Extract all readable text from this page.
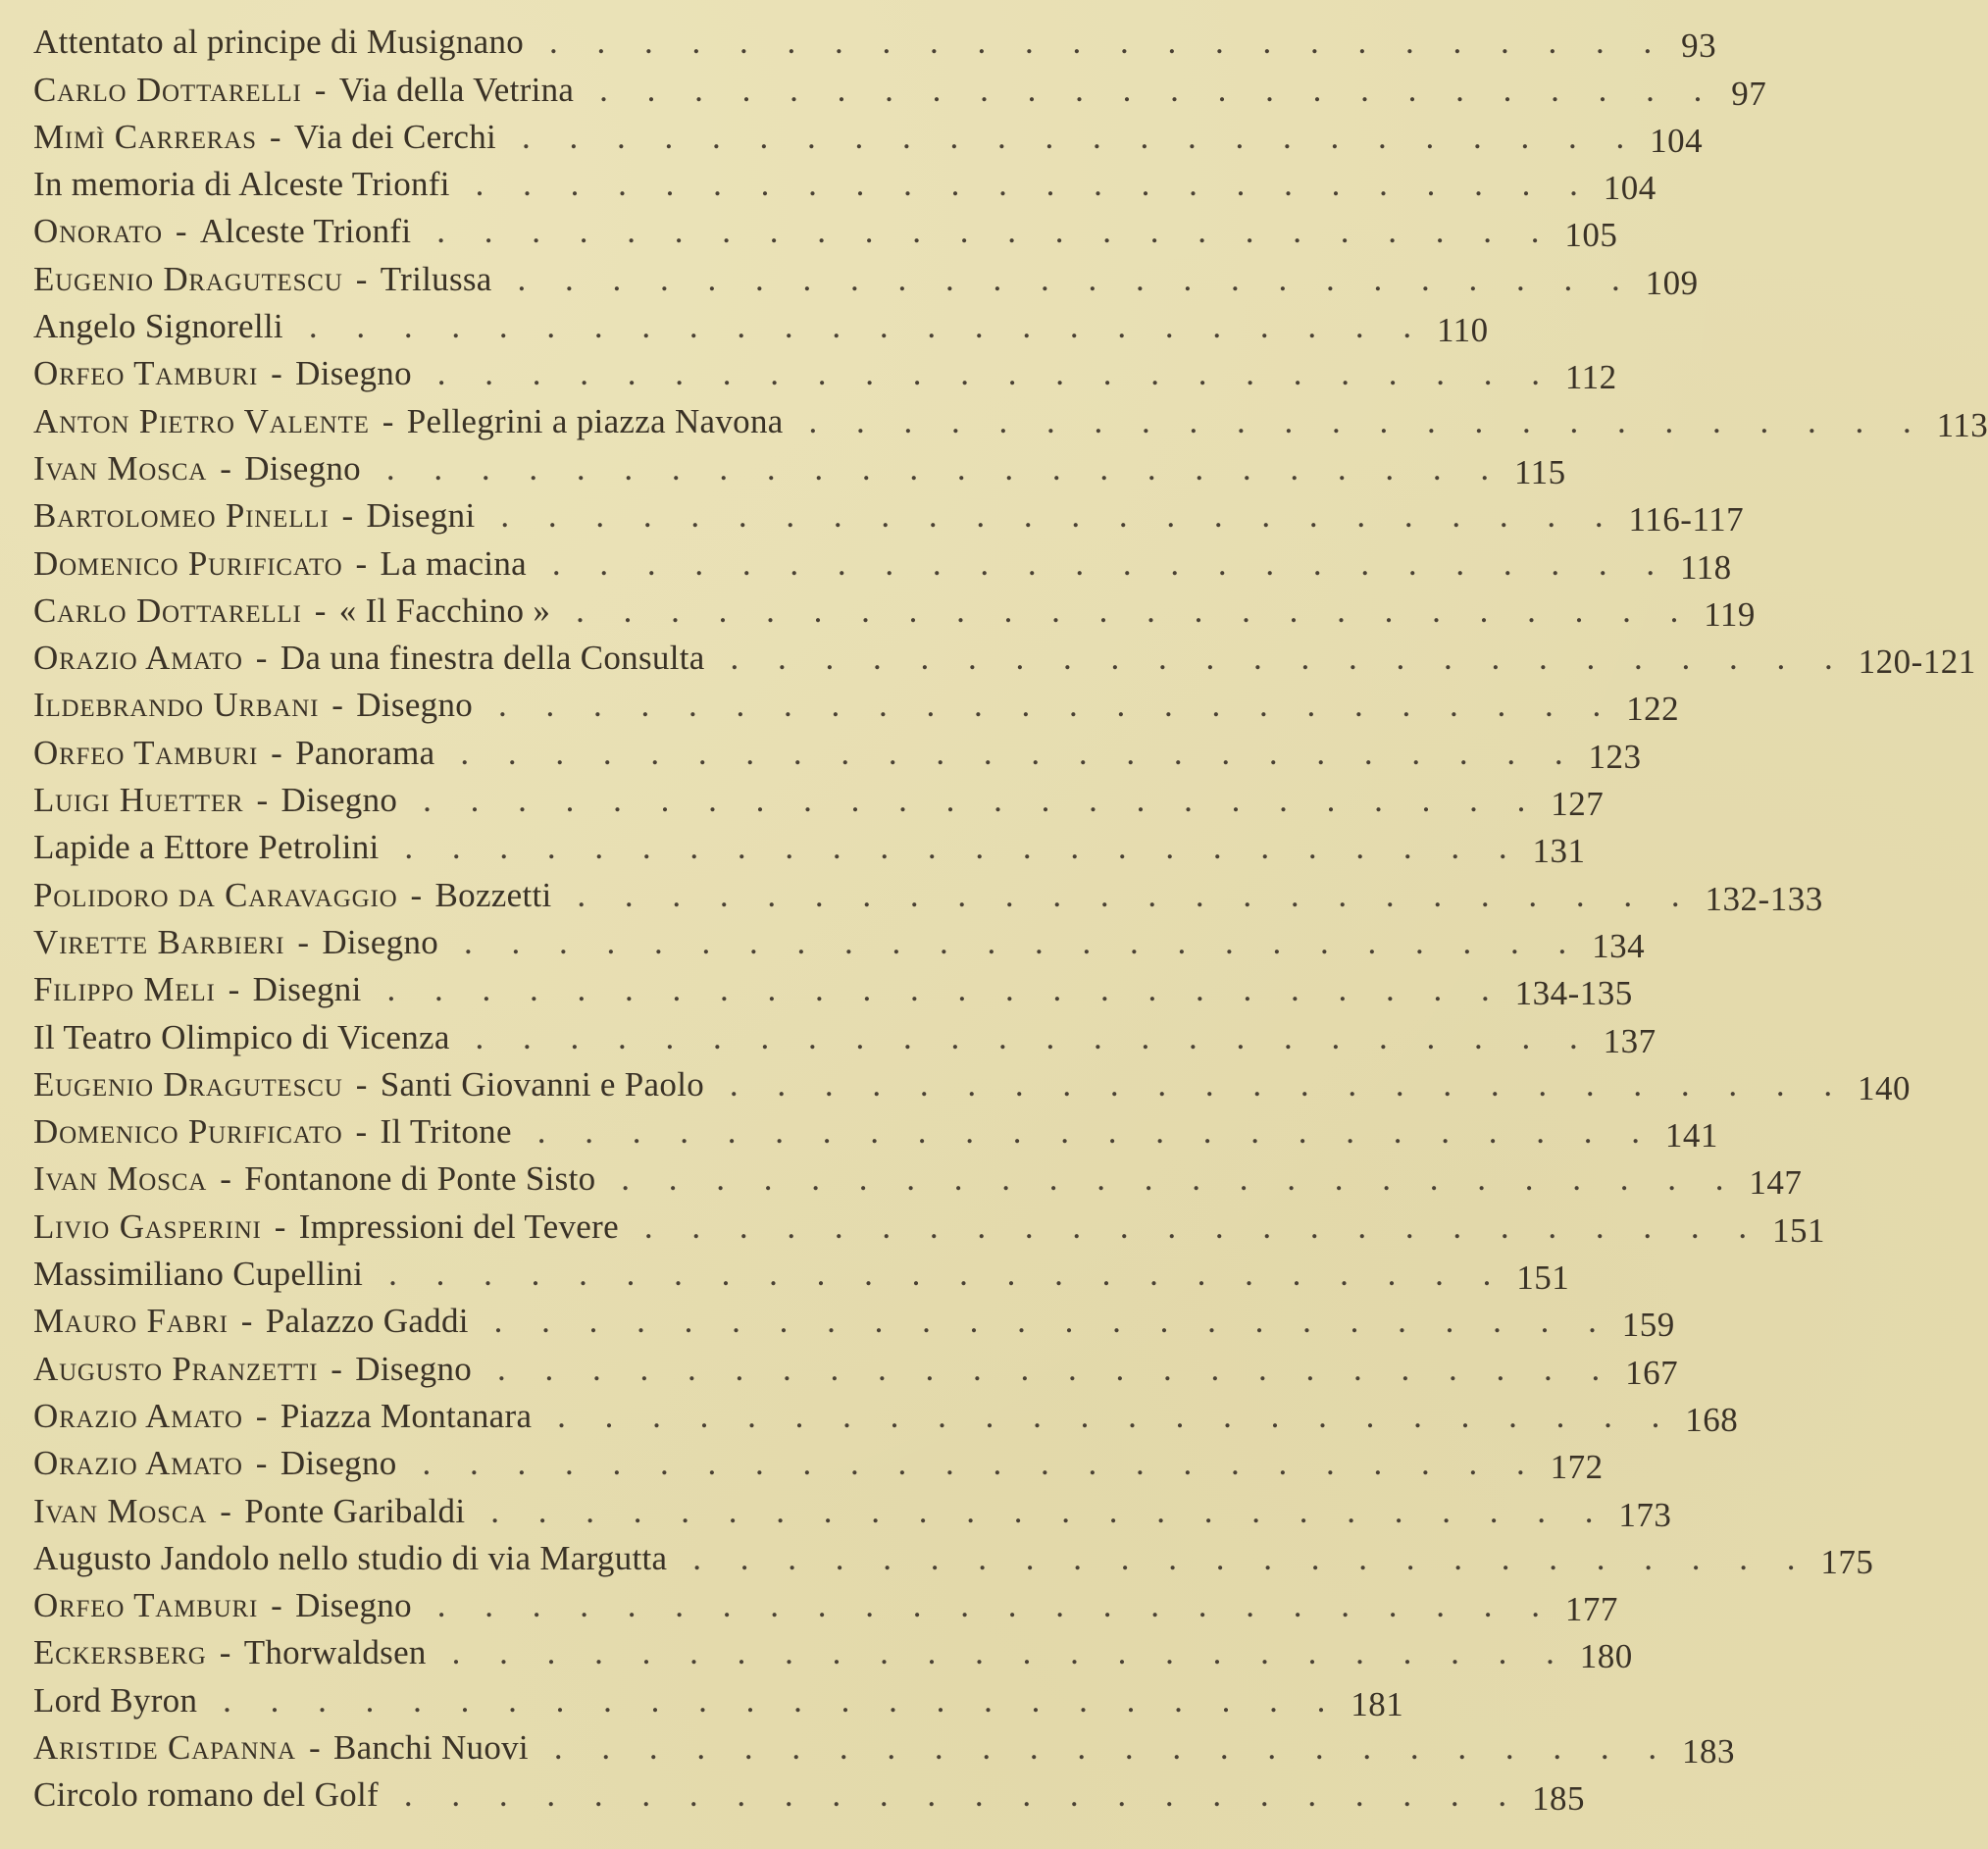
Attentato al principe di Musignano	........................	93
Carlo Dottarelli - Via della Vetrina	........................	97
Mimì Carreras - Via dei Cerchi	........................	104
In memoria di Alceste Trionfi	........................	104
Onorato - Alceste Trionfi	........................	105
Eugenio Dragutescu - Trilussa	........................	109
Angelo Signorelli	........................	110
Orfeo Tamburi - Disegno	........................	112
Anton Pietro Valente - Pellegrini a piazza Navona	........................	113
Ivan Mosca - Disegno	........................	115
Bartolomeo Pinelli - Disegni	........................	116-117
Domenico Purificato - La macina	........................	118
Carlo Dottarelli - « Il Facchino »	........................	119
Orazio Amato - Da una finestra della Consulta	........................	120-121
Ildebrando Urbani - Disegno	........................	122
Orfeo Tamburi - Panorama	........................	123
Luigi Huetter - Disegno	........................	127
Lapide a Ettore Petrolini	........................	131
Polidoro da Caravaggio - Bozzetti	........................	132-133
Virette Barbieri - Disegno	........................	134
Filippo Meli - Disegni	........................	134-135
Il Teatro Olimpico di Vicenza	........................	137
Eugenio Dragutescu - Santi Giovanni e Paolo	........................	140
Domenico Purificato - Il Tritone	........................	141
Ivan Mosca - Fontanone di Ponte Sisto	........................	147
Livio Gasperini - Impressioni del Tevere	........................	151
Massimiliano Cupellini	........................	151
Mauro Fabri - Palazzo Gaddi	........................	159
Augusto Pranzetti - Disegno	........................	167
Orazio Amato - Piazza Montanara	........................	168
Orazio Amato - Disegno	........................	172
Ivan Mosca - Ponte Garibaldi	........................	173
Augusto Jandolo nello studio di via Margutta	........................	175
Orfeo Tamburi - Disegno	........................	177
Eckersberg - Thorwaldsen	........................	180
Lord Byron	........................	181
Aristide Capanna - Banchi Nuovi	........................	183
Circolo romano del Golf	........................	185
